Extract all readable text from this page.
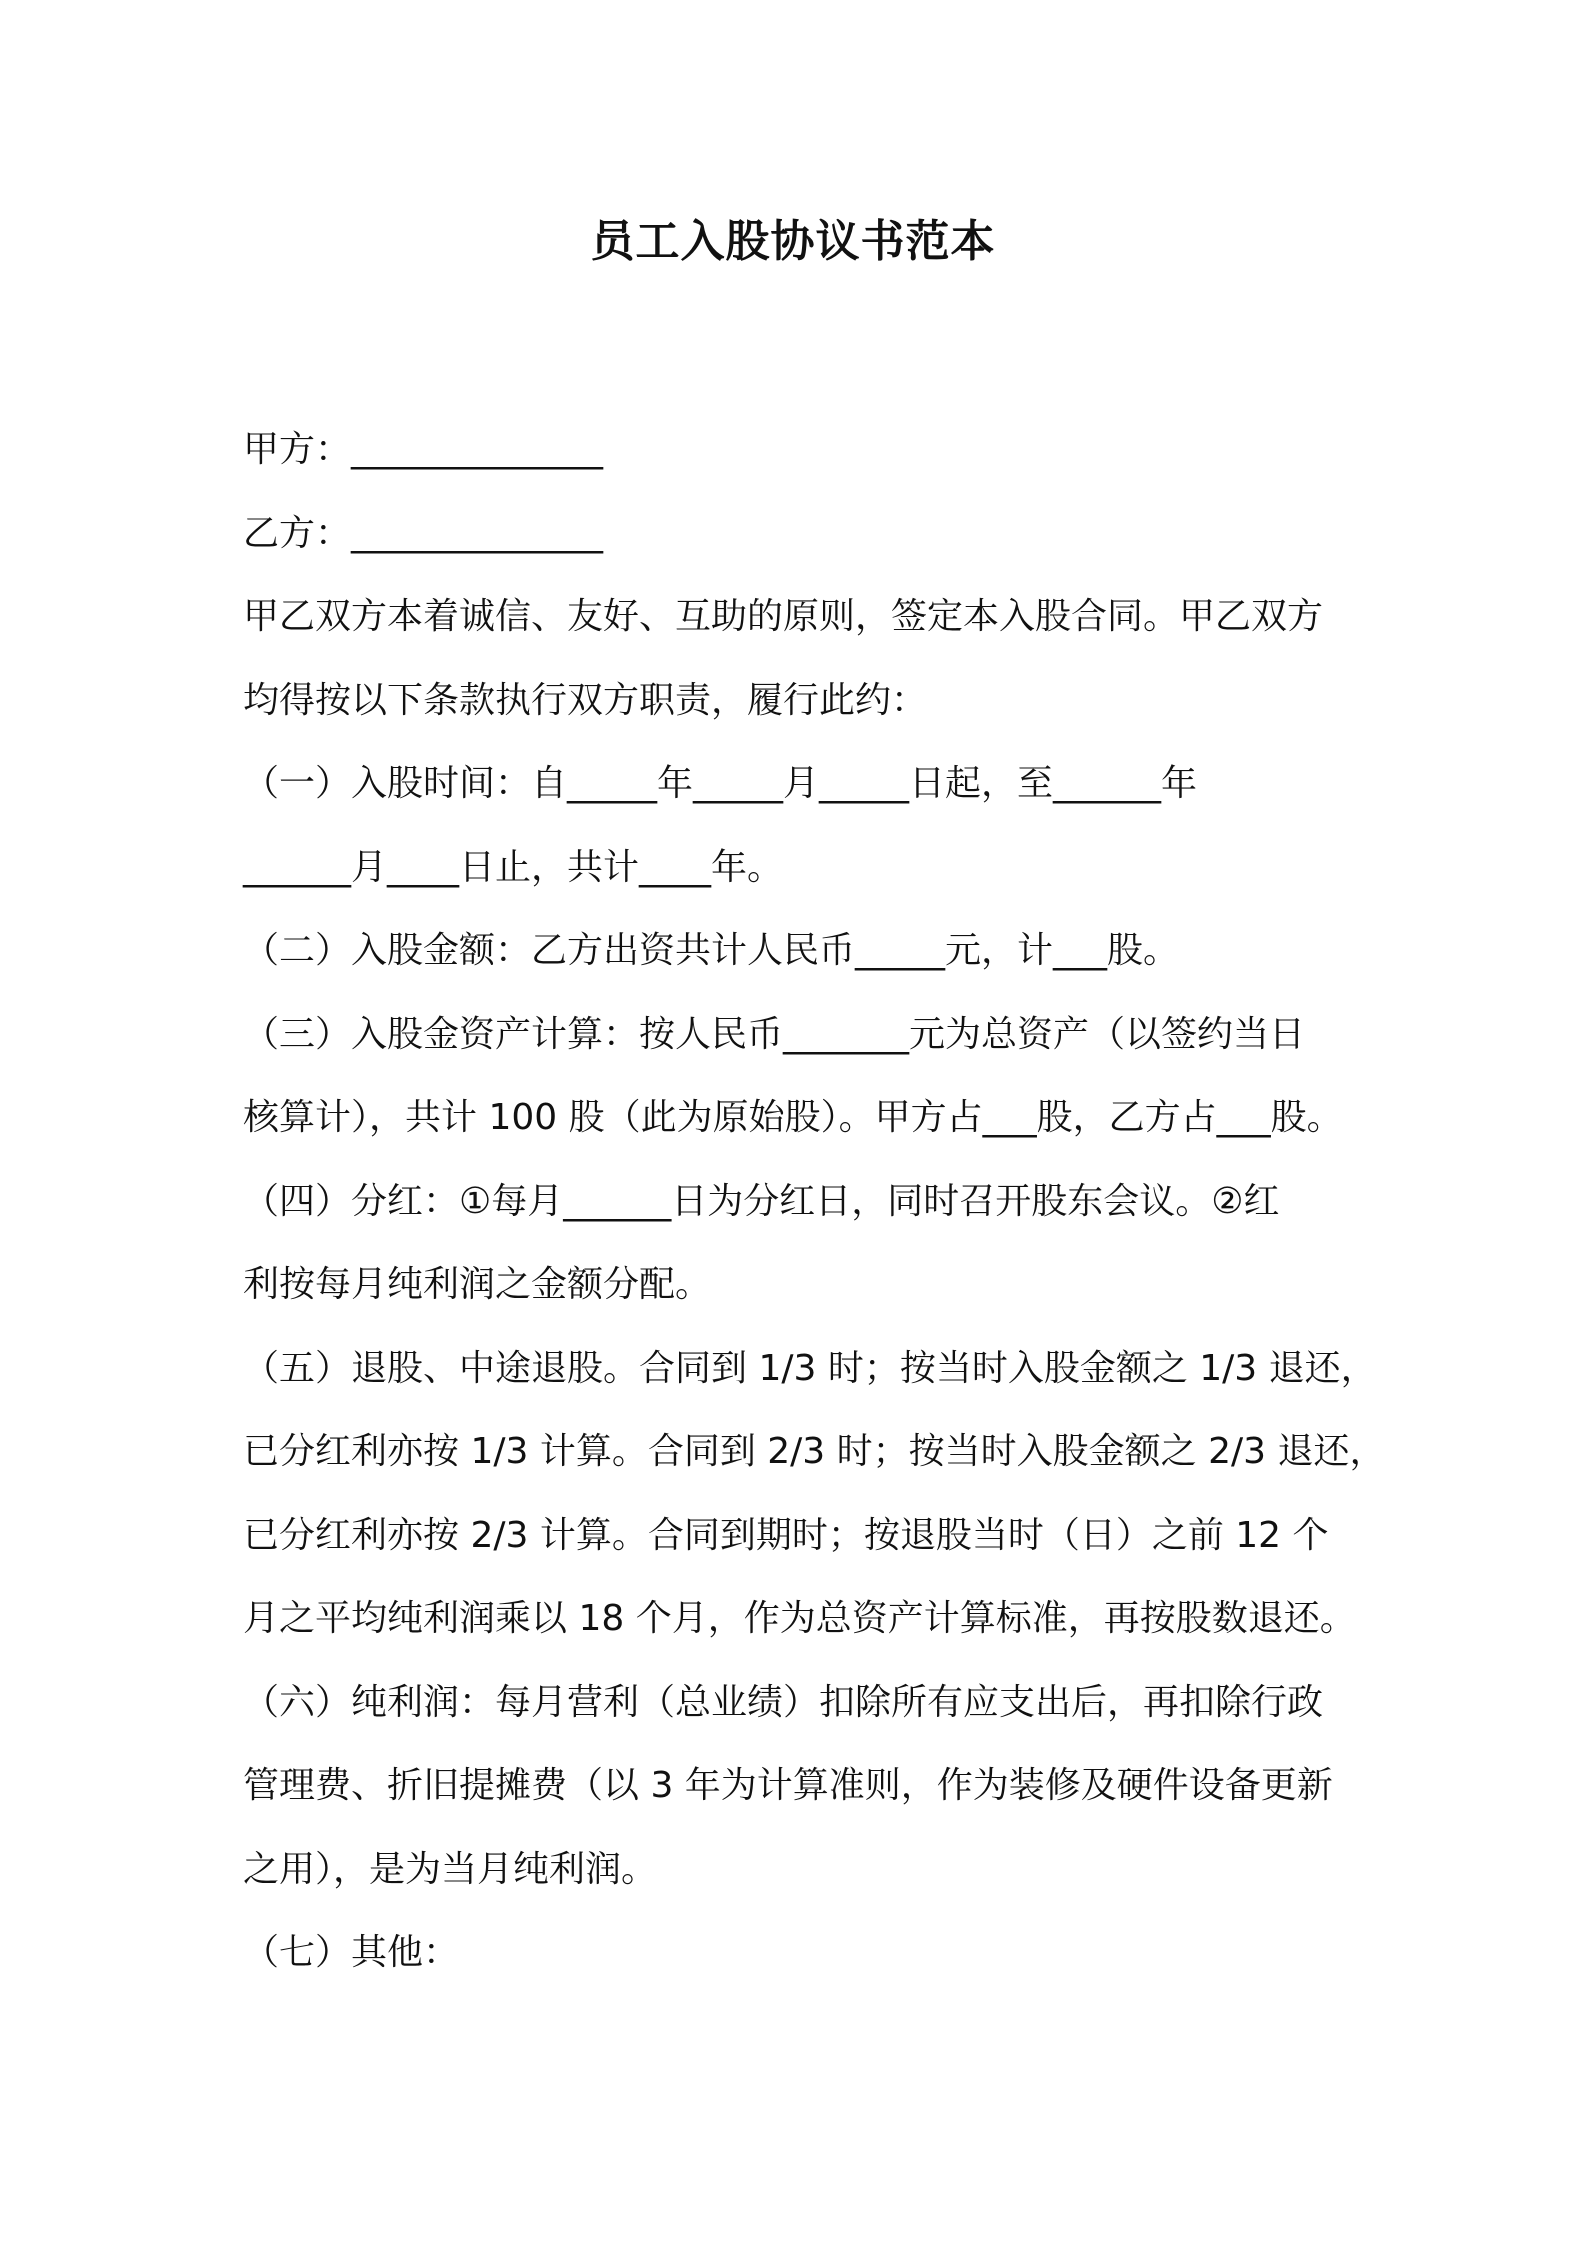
员工入股协议书范本
甲方：______________
乙方：______________
甲乙双方本着诚信、友好、互助的原则，签定本入股合同。甲乙双方
均得按以下条款执行双方职责，履行此约：
（一）入股时间：自_____年_____月_____日起，至______年
______月____日止，共计____年。
（二）入股金额：乙方出资共计人民币_____元，计___股。
（三）入股金资产计算：按人民币_______元为总资产（以签约当日
核算计），共计 100 股（此为原始股）。甲方占___股，乙方占___股。
（四）分红：①每月______日为分红日，同时召开股东会议。②红
利按每月纯利润之金额分配。
（五）退股、中途退股。合同到 1/3 时；按当时入股金额之 1/3 退还，
已分红利亦按 1/3 计算。合同到 2/3 时；按当时入股金额之 2/3 退还，
已分红利亦按 2/3 计算。合同到期时；按退股当时（日）之前 12 个
月之平均纯利润乘以 18 个月，作为总资产计算标准，再按股数退还。
（六）纯利润：每月营利（总业绩）扣除所有应支出后，再扣除行政
管理费、折旧提摊费（以 3 年为计算准则，作为装修及硬件设备更新
之用），是为当月纯利润。
（七）其他：
